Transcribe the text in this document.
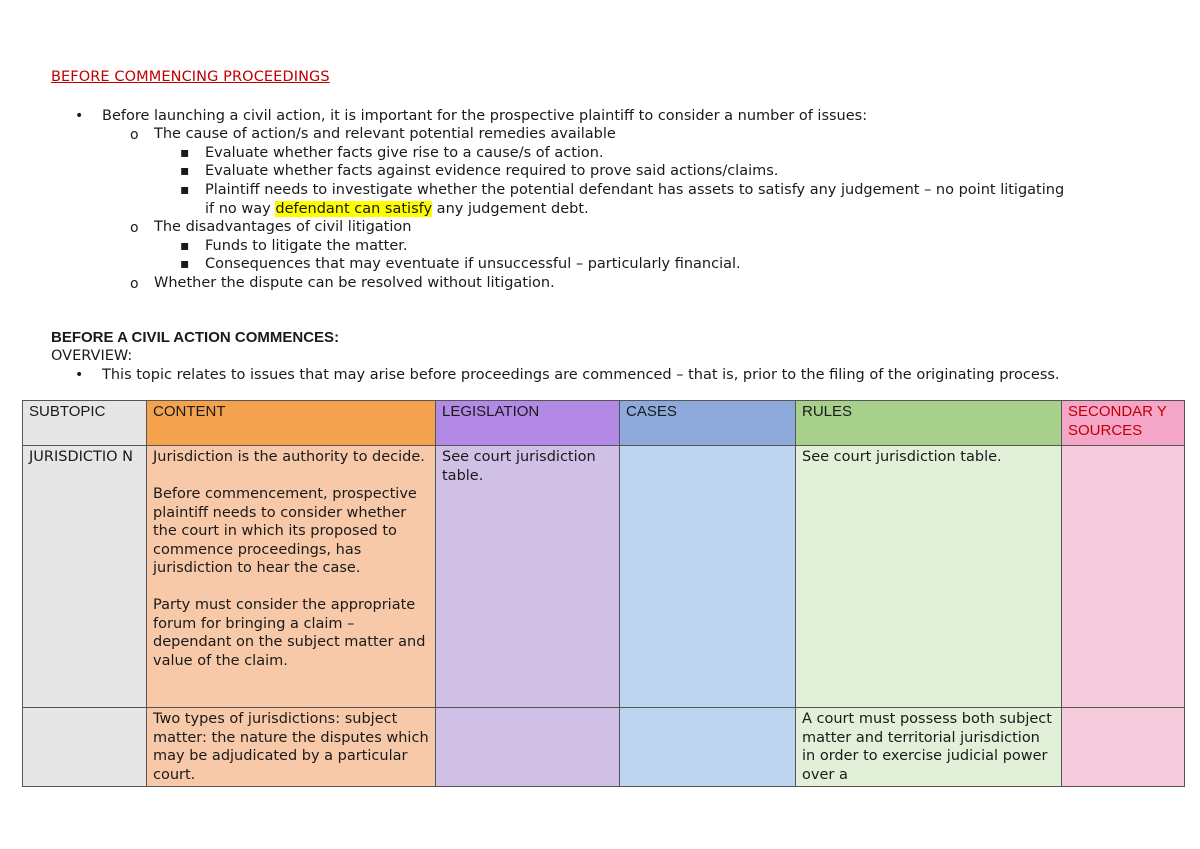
BEFORE COMMENCING PROCEEDINGS
• Before launching a civil action, it is important for the prospective plaintiff to consider a number of issues:
o The cause of action/s and relevant potential remedies available
▪ Evaluate whether facts give rise to a cause/s of action.
▪ Evaluate whether facts against evidence required to prove said actions/claims.
▪ Plaintiff needs to investigate whether the potential defendant has assets to satisfy any judgement – no point litigating
if no way defendant can satisfy any judgement debt.
o The disadvantages of civil litigation
▪ Funds to litigate the matter.
▪ Consequences that may eventuate if unsuccessful – particularly financial.
o Whether the dispute can be resolved without litigation.
BEFORE A CIVIL ACTION COMMENCES:
OVERVIEW:
• This topic relates to issues that may arise before proceedings are commenced – that is, prior to the filing of the originating process.
SUBTOPIC	CONTENT	LEGISLATION	CASES	RULES	SECONDAR Y SOURCES
JURISDICTIO N	Jurisdiction is the authority to decide.

Before commencement, prospective plaintiff needs to consider whether the court in which its proposed to commence proceedings, has jurisdiction to hear the case.

Party must consider the appropriate forum for bringing a claim – dependant on the subject matter and value of the claim.	See court jurisdiction table.		See court jurisdiction table.	

	Two types of jurisdictions: subject matter: the nature the disputes which may be adjudicated by a particular court.			A court must possess both subject matter and territorial jurisdiction in order to exercise judicial power over a	
